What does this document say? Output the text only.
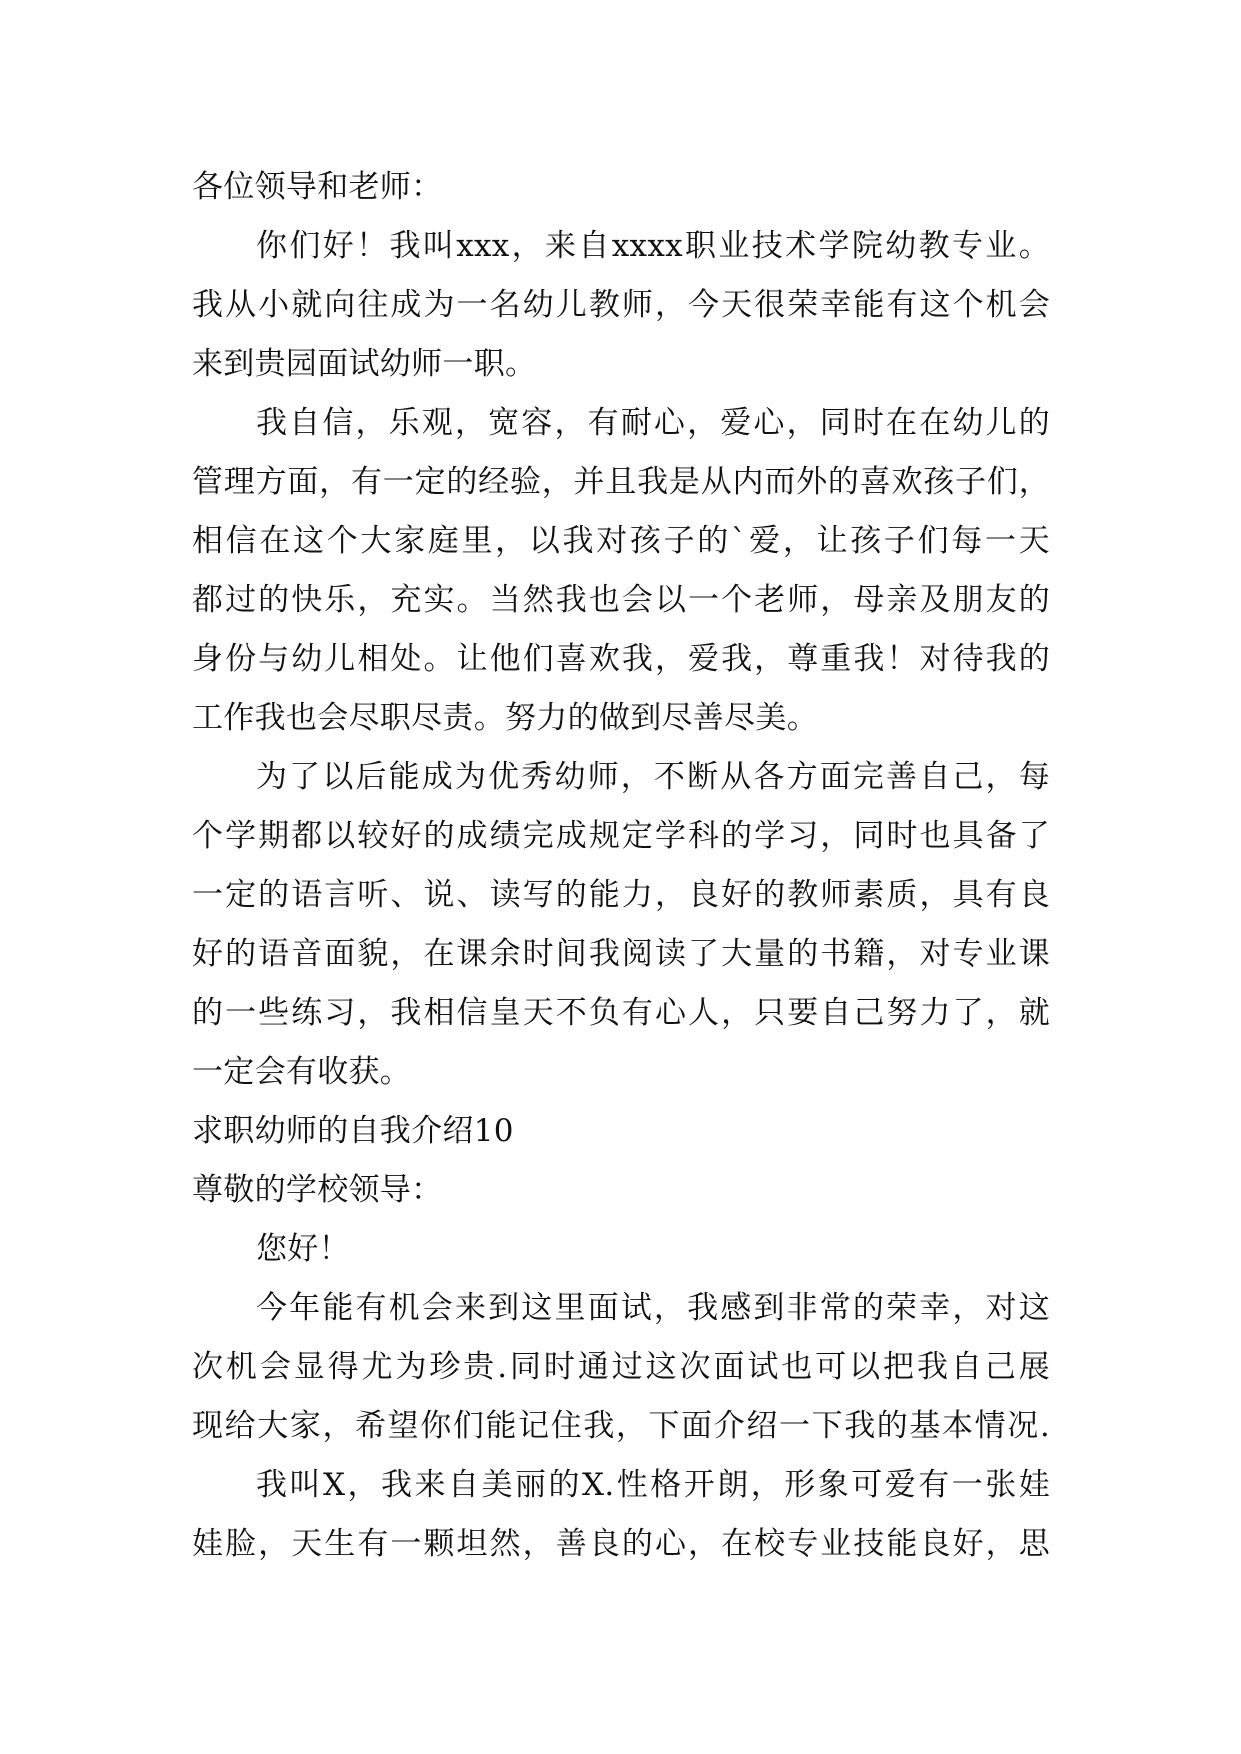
各位领导和老师：
你们好！我叫xxx，来自xxxx职业技术学院幼教专业。
我从小就向往成为一名幼儿教师，今天很荣幸能有这个机会
来到贵园面试幼师一职。
我自信，乐观，宽容，有耐心，爱心，同时在在幼儿的
管理方面，有一定的经验，并且我是从内而外的喜欢孩子们，
相信在这个大家庭里，以我对孩子的`爱，让孩子们每一天
都过的快乐，充实。当然我也会以一个老师，母亲及朋友的
身份与幼儿相处。让他们喜欢我，爱我，尊重我！对待我的
工作我也会尽职尽责。努力的做到尽善尽美。
为了以后能成为优秀幼师，不断从各方面完善自己，每
个学期都以较好的成绩完成规定学科的学习，同时也具备了
一定的语言听、说、读写的能力，良好的教师素质，具有良
好的语音面貌，在课余时间我阅读了大量的书籍，对专业课
的一些练习，我相信皇天不负有心人，只要自己努力了，就
一定会有收获。
求职幼师的自我介绍10
尊敬的学校领导：
您好！
今年能有机会来到这里面试，我感到非常的荣幸，对这
次机会显得尤为珍贵.同时通过这次面试也可以把我自己展
现给大家，希望你们能记住我，下面介绍一下我的基本情况.
我叫X，我来自美丽的X.性格开朗，形象可爱有一张娃
娃脸，天生有一颗坦然，善良的心，在校专业技能良好，思
